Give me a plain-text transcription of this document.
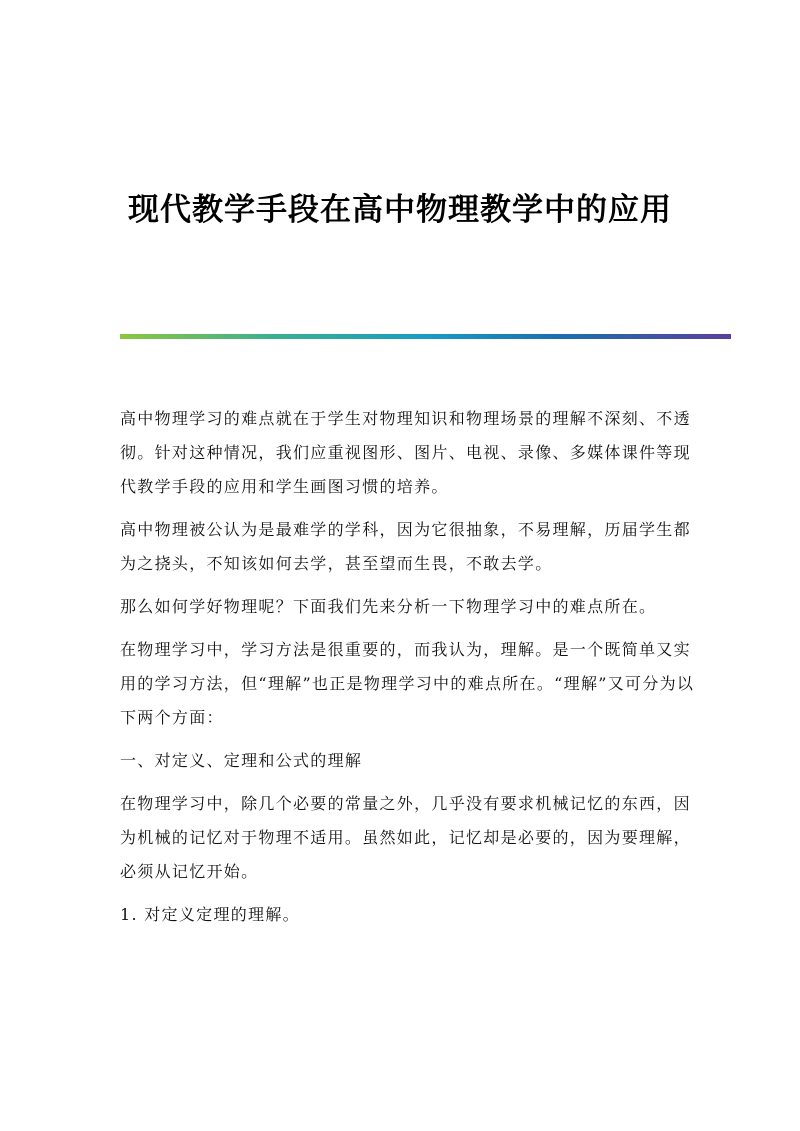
现代教学手段在高中物理教学中的应用

高中物理学习的难点就在于学生对物理知识和物理场景的理解不深刻、不透彻。针对这种情况，我们应重视图形、图片、电视、录像、多媒体课件等现代教学手段的应用和学生画图习惯的培养。

高中物理被公认为是最难学的学科，因为它很抽象，不易理解，历届学生都为之挠头，不知该如何去学，甚至望而生畏，不敢去学。

那么如何学好物理呢？下面我们先来分析一下物理学习中的难点所在。

在物理学习中，学习方法是很重要的，而我认为，理解。是一个既简单又实用的学习方法，但“理解”也正是物理学习中的难点所在。“理解”又可分为以下两个方面：

一、对定义、定理和公式的理解

在物理学习中，除几个必要的常量之外，几乎没有要求机械记忆的东西，因为机械的记忆对于物理不适用。虽然如此，记忆却是必要的，因为要理解，必须从记忆开始。

1. 对定义定理的理解。
